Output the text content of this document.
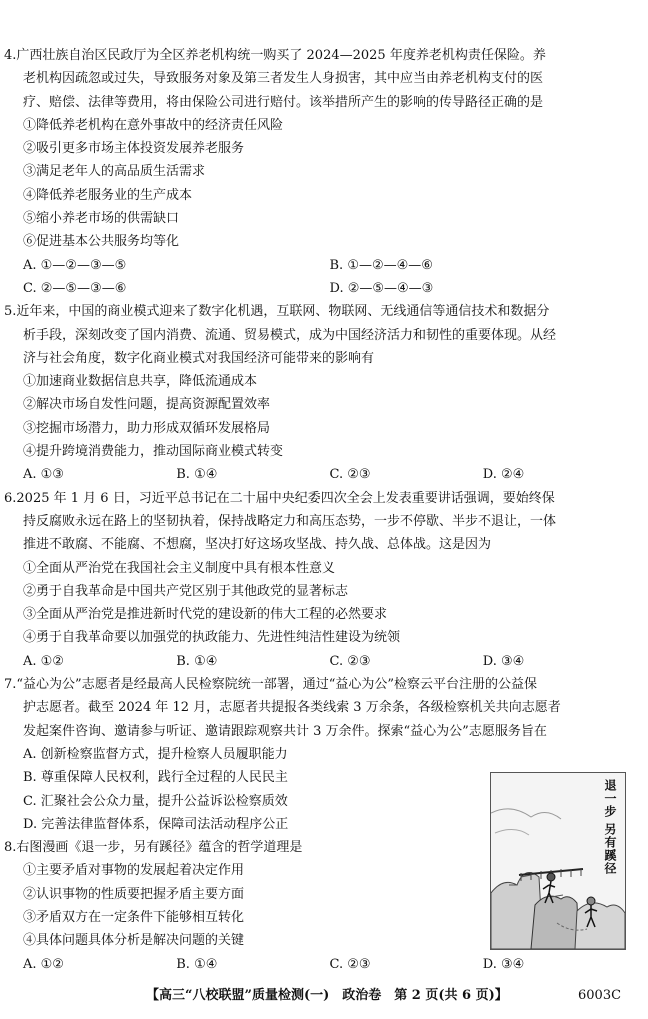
4.广西壮族自治区民政厅为全区养老机构统一购买了 2024—2025 年度养老机构责任保险。养
老机构因疏忽或过失，导致服务对象及第三者发生人身损害，其中应当由养老机构支付的医
疗、赔偿、法律等费用，将由保险公司进行赔付。该举措所产生的影响的传导路径正确的是
①降低养老机构在意外事故中的经济责任风险
②吸引更多市场主体投资发展养老服务
③满足老年人的高品质生活需求
④降低养老服务业的生产成本
⑤缩小养老市场的供需缺口
⑥促进基本公共服务均等化
A. ①—②—③—⑤	B. ①—②—④—⑥
C. ②—⑤—③—⑥	D. ②—⑤—④—③
5.近年来，中国的商业模式迎来了数字化机遇，互联网、物联网、无线通信等通信技术和数据分
析手段，深刻改变了国内消费、流通、贸易模式，成为中国经济活力和韧性的重要体现。从经
济与社会角度，数字化商业模式对我国经济可能带来的影响有
①加速商业数据信息共享，降低流通成本
②解决市场自发性问题，提高资源配置效率
③挖掘市场潜力，助力形成双循环发展格局
④提升跨境消费能力，推动国际商业模式转变
A. ①③	B. ①④	C. ②③	D. ②④
6.2025 年 1 月 6 日，习近平总书记在二十届中央纪委四次全会上发表重要讲话强调，要始终保
持反腐败永远在路上的坚韧执着，保持战略定力和高压态势，一步不停歇、半步不退让，一体
推进不敢腐、不能腐、不想腐，坚决打好这场攻坚战、持久战、总体战。这是因为
①全面从严治党在我国社会主义制度中具有根本性意义
②勇于自我革命是中国共产党区别于其他政党的显著标志
③全面从严治党是推进新时代党的建设新的伟大工程的必然要求
④勇于自我革命要以加强党的执政能力、先进性纯洁性建设为统领
A. ①②	B. ①④	C. ②③	D. ③④
7.“益心为公”志愿者是经最高人民检察院统一部署，通过“益心为公”检察云平台注册的公益保
护志愿者。截至 2024 年 12 月，志愿者共提报各类线索 3 万余条，各级检察机关共向志愿者
发起案件咨询、邀请参与听证、邀请跟踪观察共计 3 万余件。探索“益心为公”志愿服务旨在
A. 创新检察监督方式，提升检察人员履职能力
B. 尊重保障人民权利，践行全过程的人民民主
C. 汇聚社会公众力量，提升公益诉讼检察质效
D. 完善法律监督体系，保障司法活动程序公正
8.右图漫画《退一步，另有蹊径》蕴含的哲学道理是
①主要矛盾对事物的发展起着决定作用
②认识事物的性质要把握矛盾主要方面
③矛盾双方在一定条件下能够相互转化
④具体问题具体分析是解决问题的关键
A. ①②	B. ①④	C. ②③	D. ③④
退一步 另有蹊径
【高三“八校联盟”质量检测(一)　政治卷　第 2 页(共 6 页)】	6003C
